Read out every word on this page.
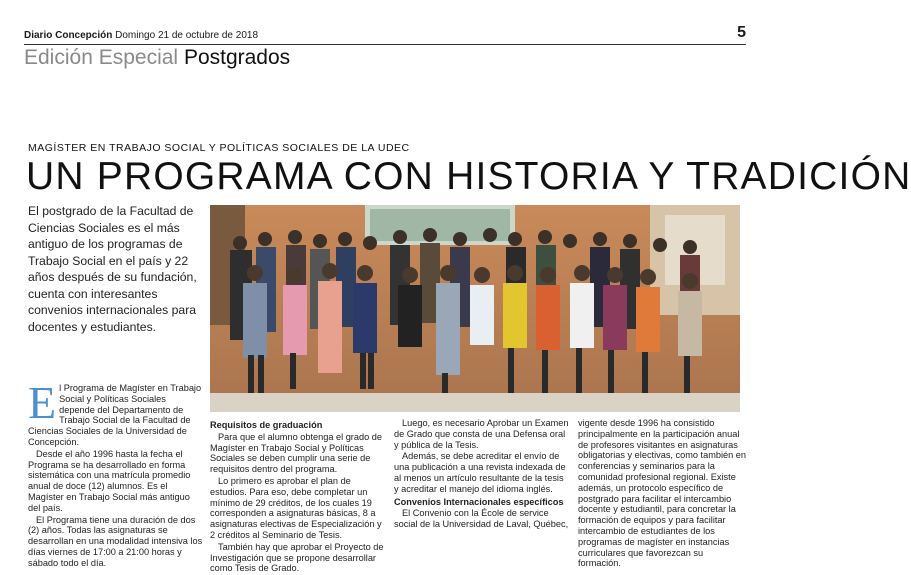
Diario Concepción Domingo 21 de octubre de 2018	5
Edición Especial Postgrados
MAGÍSTER EN TRABAJO SOCIAL Y POLÍTICAS SOCIALES DE LA UDEC
UN PROGRAMA CON HISTORIA Y TRADICIÓN
El postgrado de la Facultad de Ciencias Sociales es el más antiguo de los programas de Trabajo Social en el país y 22 años después de su fundación, cuenta con interesantes convenios internacionales para docentes y estudiantes.
E l Programa de Magíster en Trabajo Social y Políticas Sociales depende del Departamento de Trabajo Social de la Facultad de Ciencias Sociales de la Universidad de Concepción.

Desde el año 1996 hasta la fecha el Programa se ha desarrollado en forma sistemática con una matrícula promedio anual de doce (12) alumnos. Es el Magíster en Trabajo Social más antiguo del país.

El Programa tiene una duración de dos (2) años. Todas las asignaturas se desarrollan en una modalidad intensiva los días viernes de 17:00 a 21:00 horas y sábado todo el día.

Requisitos de graduación

Para que el alumno obtenga el grado de Magíster en Trabajo Social y Políticas Sociales se deben cumplir una serie de requisitos dentro del programa.

Lo primero es aprobar el plan de estudios. Para eso, debe completar un mínimo de 29 créditos, de los cuales 19 corresponden a asignaturas básicas, 8 a asignaturas electivas de Especialización y 2 créditos al Seminario de Tesis.

También hay que aprobar el Proyecto de Investigación que se propone desarrollar como Tesis de Grado.

Luego, es necesario Aprobar un Examen de Grado que consta de una Defensa oral y pública de la Tesis.

Además, se debe acreditar el envío de una publicación a una revista indexada de al menos un artículo resultante de la tesis y acreditar el manejo del idioma inglés.

Convenios Internacionales específicos

El Convenio con la École de service social de la Universidad de Laval, Québec,

vigente desde 1996 ha consistido principalmente en la participación anual de profesores visitantes en asignaturas obligatorias y electivas, como también en conferencias y seminarios para la comunidad profesional regional. Existe además, un protocolo específico de postgrado para facilitar el intercambio docente y estudiantil, para concretar la formación de equipos y para facilitar intercambio de estudiantes de los programas de magíster en instancias curriculares que favorezcan su formación.
